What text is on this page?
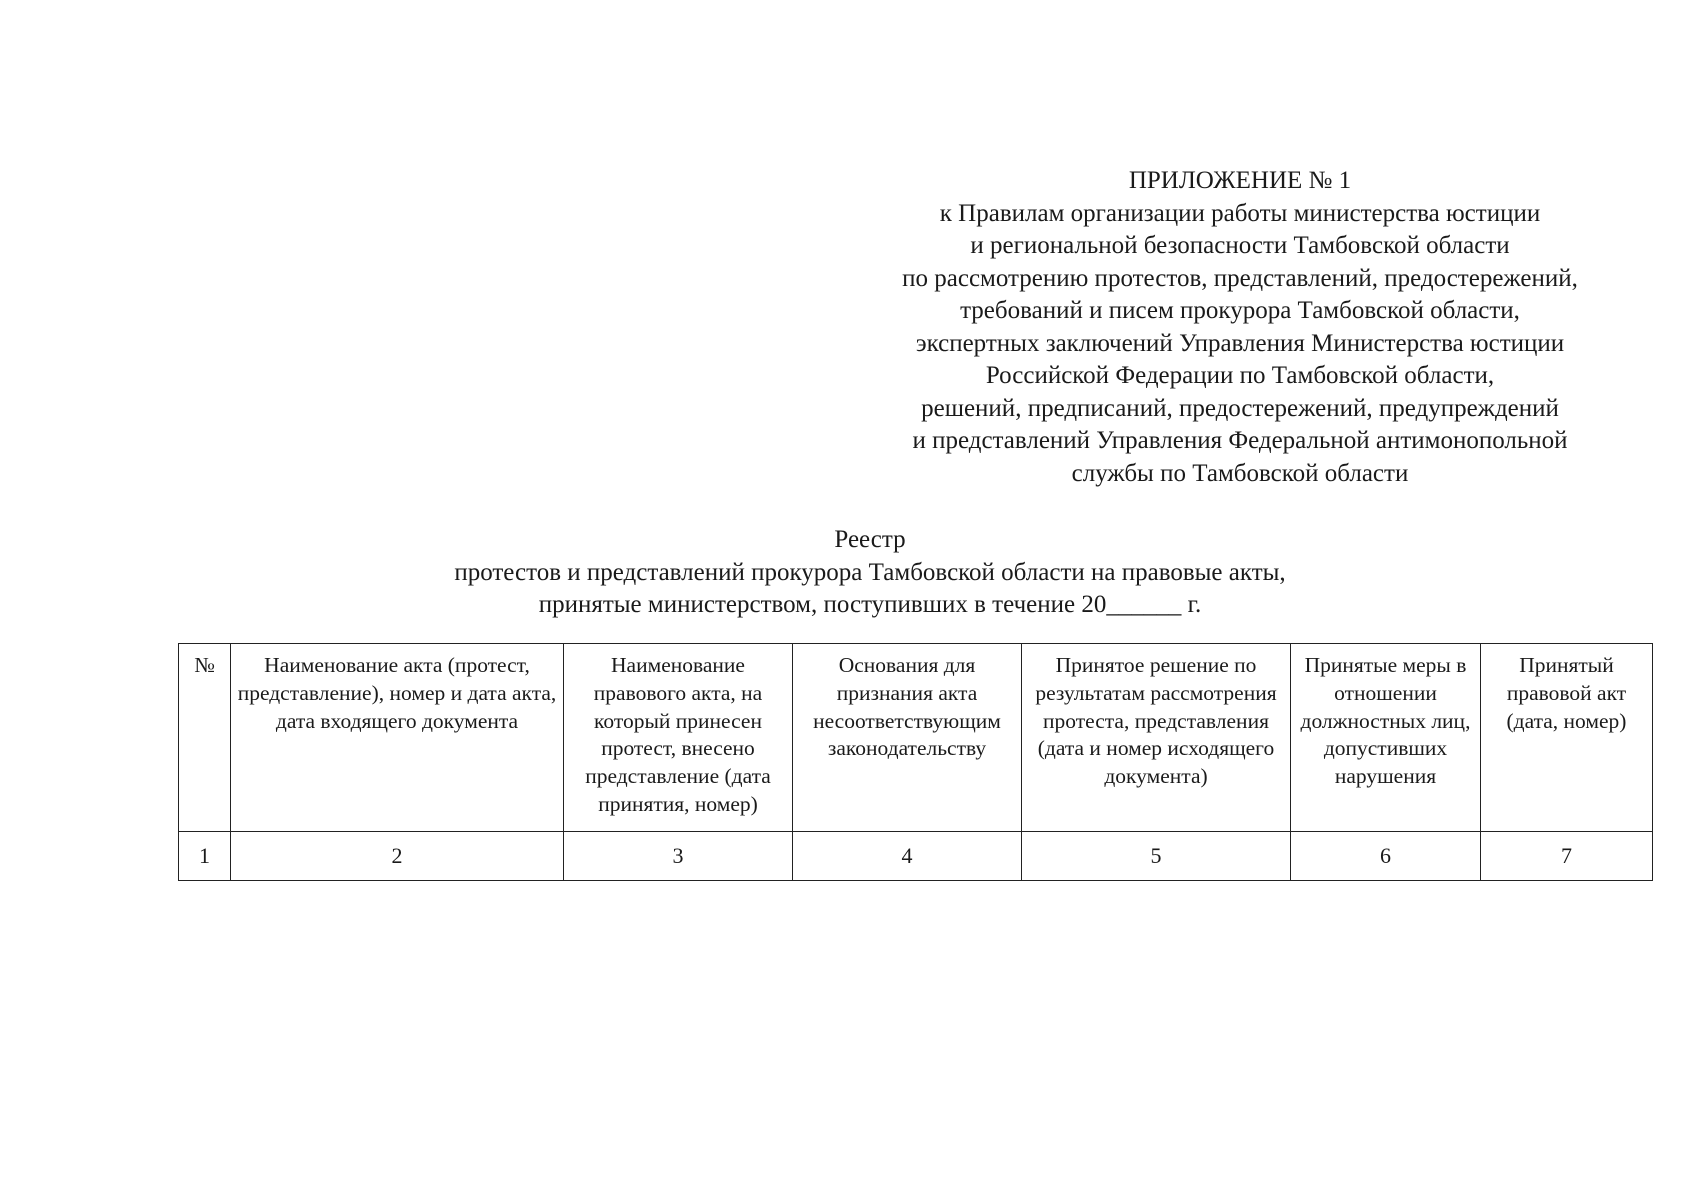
ПРИЛОЖЕНИЕ № 1
к Правилам организации работы министерства юстиции
и региональной безопасности Тамбовской области
по рассмотрению протестов, представлений, предостережений,
требований и писем прокурора Тамбовской области,
экспертных заключений Управления Министерства юстиции
Российской Федерации по Тамбовской области,
решений, предписаний, предостережений, предупреждений
и представлений Управления Федеральной антимонопольной
службы по Тамбовской области
Реестр
протестов и представлений прокурора Тамбовской области на правовые акты,
принятые министерством, поступивших в течение 20______ г.
№	Наименование акта (протест, представление), номер и дата акта, дата входящего документа	Наименование правового акта, на который принесен протест, внесено представление (дата принятия, номер)	Основания для признания акта несоответствующим законодательству	Принятое решение по результатам рассмотрения протеста, представления (дата и номер исходящего документа)	Принятые меры в отношении должностных лиц, допустивших нарушения	Принятый правовой акт (дата, номер)
1	2	3	4	5	6	7
